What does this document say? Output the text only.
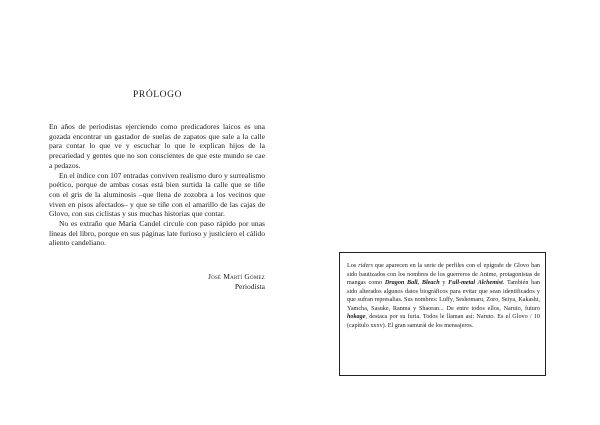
PRÓLOGO

En años de periodistas ejerciendo como predicadores laicos es una gozada encontrar un gastador de suelas de zapatos que sale a la calle para contar lo que ve y escuchar lo que le explican hijos de la precariedad y gentes que no son conscientes de que este mundo se cae a pedazos.

En el índice con 107 entradas conviven realismo duro y surrealismo poético, porque de ambas cosas está bien surtida la calle que se tiñe con el gris de la aluminosis –que llena de zozobra a los vecinos que viven en pisos afectados– y que se tiñe con el amarillo de las cajas de Glovo, con sus ciclistas y sus muchas historias que contar.

No es extraño que María Candel circule con paso rápido por unas líneas del libro, porque en sus páginas late furioso y justiciero el cálido aliento candeliano.

José Martí Gómez
Periodista

Los riders que aparecen en la serie de perfiles con el epígrafe de Glovo han sido bautizados con los nombres de los guerreros de Anime, protagonistas de mangas como Dragon Ball, Bleach y Full-metal Alchemist. También han sido alterados algunos datos biográficos para evitar que sean identificados y que sufran represalias. Sus nombres: Luffy, Seshomaru, Zoro, Seiya, Kakashi, Yamcha, Sasuke, Ranma y Shaoran... De entre todos ellos, Naruto, futuro hokage, destaca por su furia. Todos le llaman así: Naruto. Es el Glovo / 10 (capítulo xxxv). El gran samurái de los mensajeros.
